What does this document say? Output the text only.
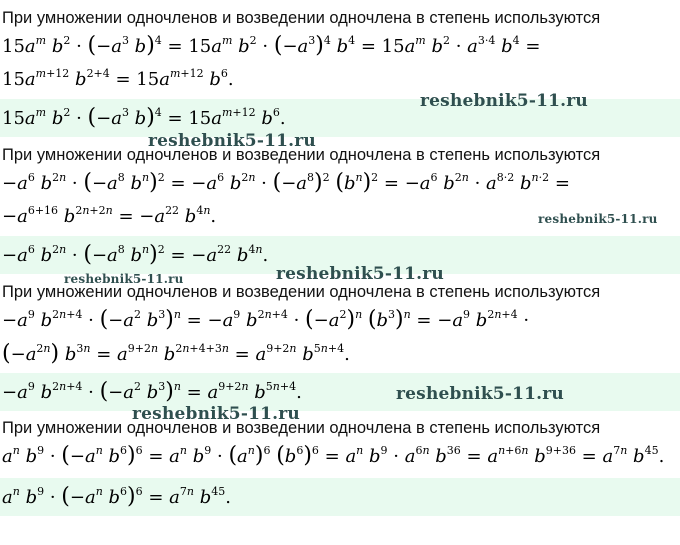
При умножении одночленов и возведении одночлена в степень используются
$15a^m$ $b^2 \cdot (-a^3$ $b)^4 = 15a^m$ $b^2 \cdot (-a^3)^4$ $b^4 = 15a^m$ $b^2 \cdot a^{3\cdot 4}$ $b^4$ =
$15a^{m+12}$ $b^{2+4} = 15a^{m+12}$ $b^6$.
$15a^m$ $b^2 \cdot (-a^3$ $b)^4 = 15a^{m+12}$ $b^6$.
При умножении одночленов и возведении одночлена в степень используются
$-a^6$ $b^{2n} \cdot (-a^8$ $b^n)^2 = -a^6$ $b^{2n} \cdot (-a^8)^2$ $(b^n)^2 = -a^6$ $b^{2n} \cdot a^{8\cdot 2}$ $b^{n\cdot 2}$ =
$-a^{6+16}$ $b^{2n+2n} = -a^{22}$ $b^{4n}$.
$-a^6$ $b^{2n} \cdot (-a^8$ $b^n)^2 = -a^{22}$ $b^{4n}$.
При умножении одночленов и возведении одночлена в степень используются
$-a^9$ $b^{2n+4} \cdot (-a^2$ $b^3)^n = -a^9$ $b^{2n+4} \cdot (-a^2)^n$ $(b^3)^n = -a^9$ $b^{2n+4}$ ·
$(-a^{2n}) b^{3n} = a^{9+2n}$ $b^{2n+4+3n} = a^{9+2n}$ $b^{5n+4}$.
$-a^9$ $b^{2n+4} \cdot (-a^2$ $b^3)^n = a^{9+2n}$ $b^{5n+4}$.
При умножении одночленов и возведении одночлена в степень используются
$a^n$ $b^9 \cdot (-a^n$ $b^6)^6 = a^n$ $b^9 \cdot (a^n)^6$ $(b^6)^6 = a^n$ $b^9 \cdot a^{6n}$ $b^{36} = a^{n+6n}$ $b^{9+36} = a^{7n}$ $b^{45}$.
$a^n$ $b^9 \cdot (-a^n$ $b^6)^6 = a^{7n}$ $b^{45}$.
reshebnik5-11.ru
reshebnik5-11.ru
reshebnik5-11.ru
reshebnik5-11.ru	reshebnik5-11.ru
reshebnik5-11.ru
reshebnik5-11.ru
